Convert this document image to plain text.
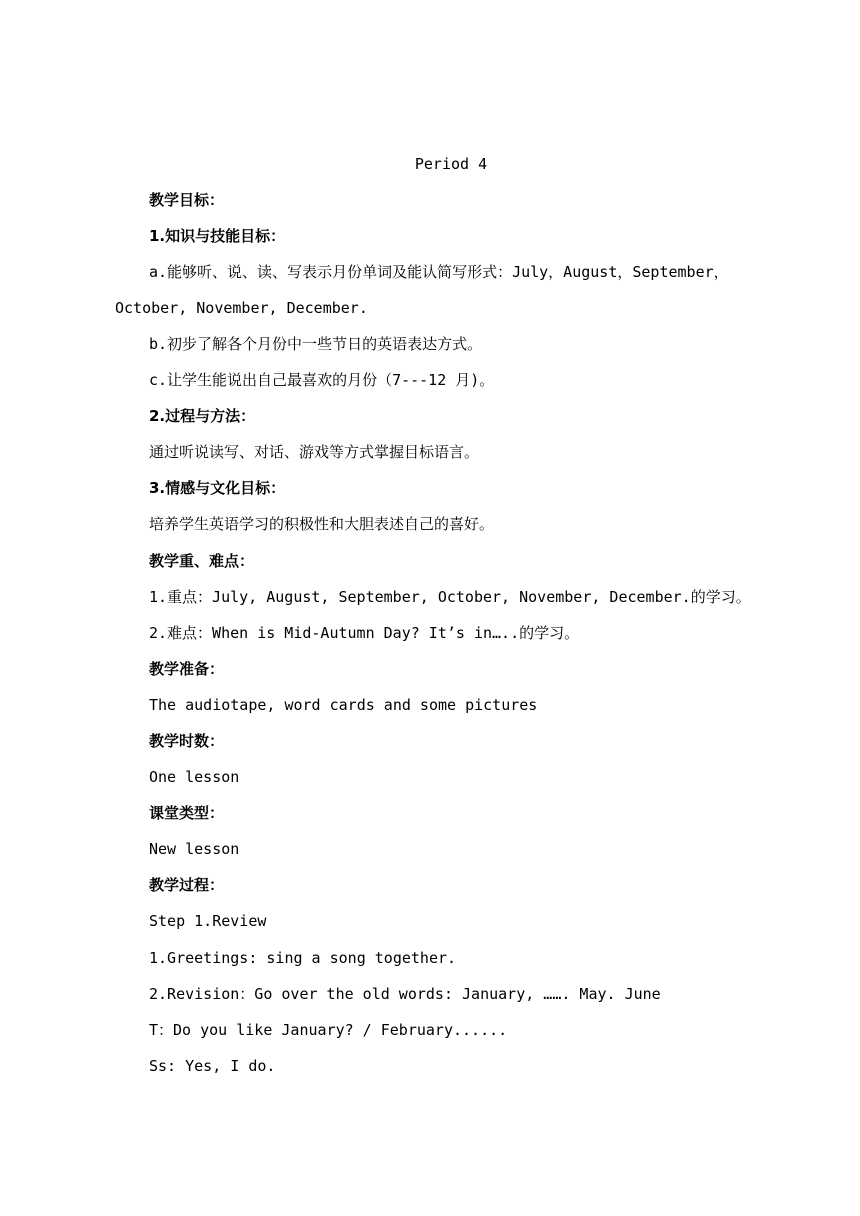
Period 4
教学目标：
1.知识与技能目标：
a.能够听、说、读、写表示月份单词及能认简写形式：July，August，September，
October, November, December.
b.初步了解各个月份中一些节日的英语表达方式。
c.让学生能说出自己最喜欢的月份（7---12 月)。
2.过程与方法：
通过听说读写、对话、游戏等方式掌握目标语言。
3.情感与文化目标：
培养学生英语学习的积极性和大胆表述自己的喜好。
教学重、难点：
1.重点：July, August, September, October, November, December.的学习。
2.难点：When is Mid-Autumn Day? It’s in…..的学习。
教学准备：
The audiotape, word cards and some pictures
教学时数：
One lesson
课堂类型：
New lesson
教学过程：
Step 1.Review
1.Greetings: sing a song together.
2.Revision：Go over the old words: January, ……. May. June
T：Do you like January? / February......
Ss: Yes, I do.
